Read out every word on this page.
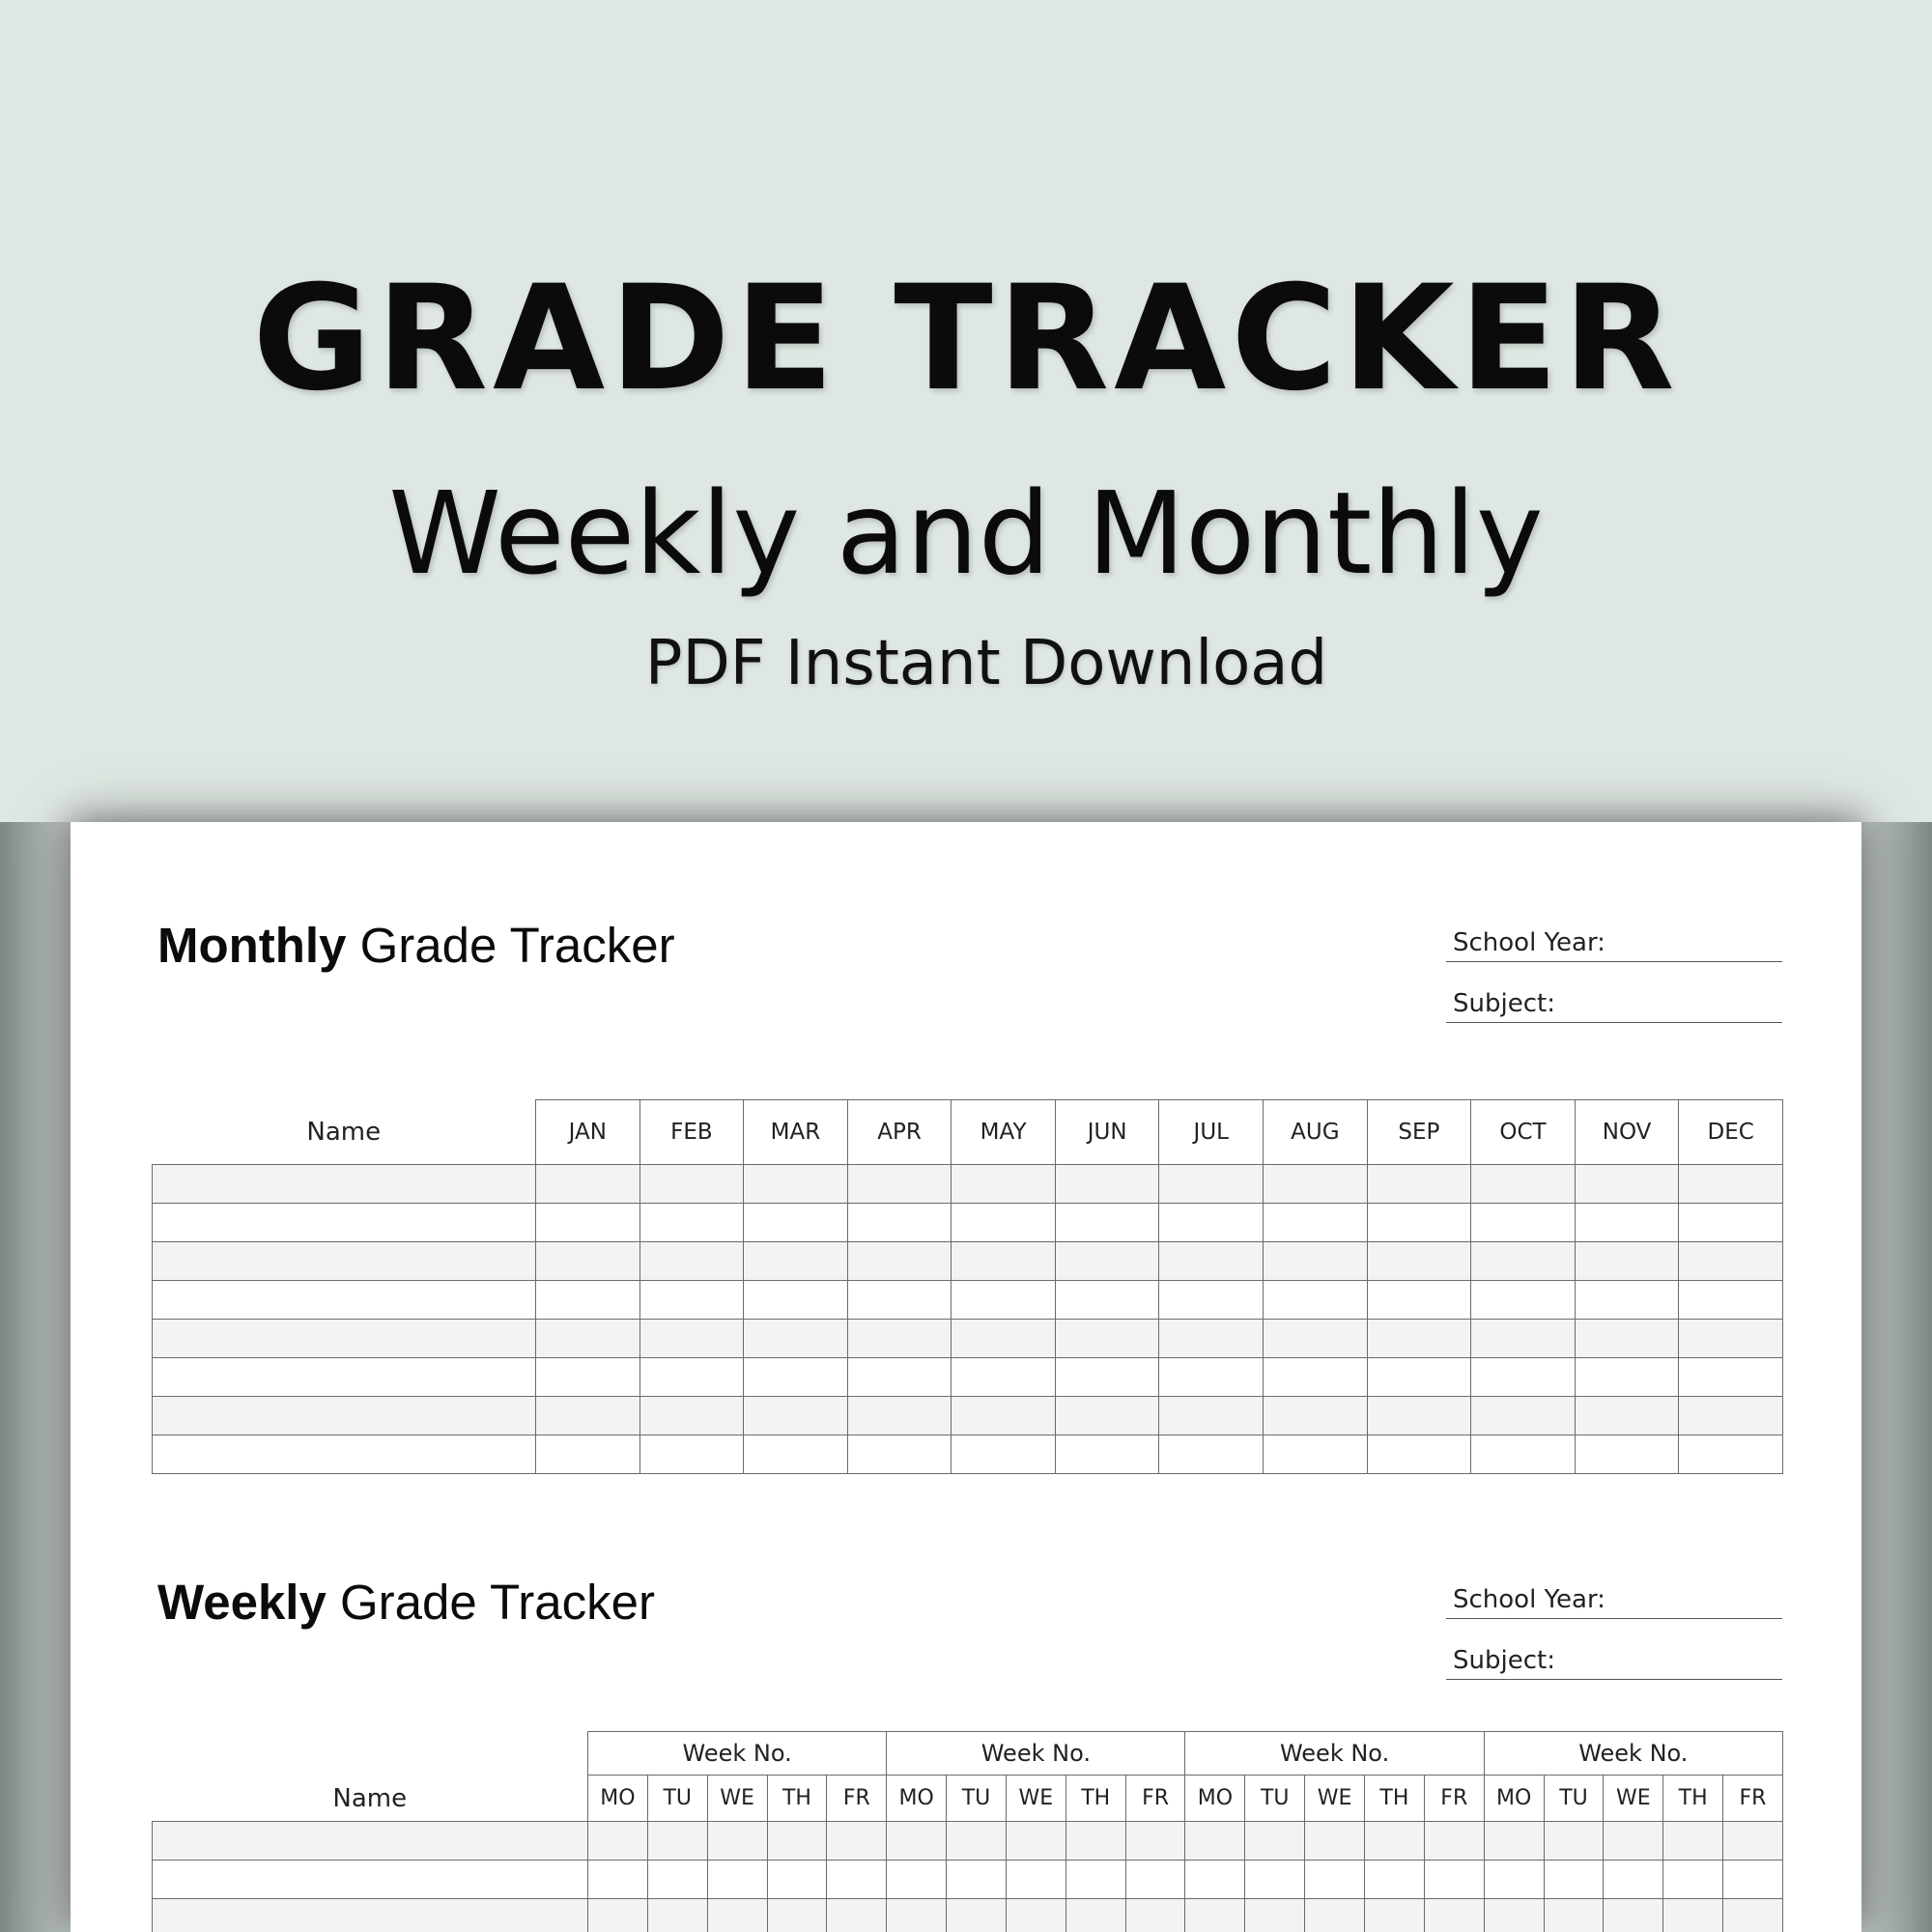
GRADE TRACKER
Weekly and Monthly
PDF Instant Download
Monthly Grade Tracker	School Year:
Subject:
Name	JAN	FEB	MAR	APR	MAY	JUN	JUL	AUG	SEP	OCT	NOV	DEC

Weekly Grade Tracker	School Year:
Subject:
Name	Week No.					Week No.					Week No.					Week No.				
	MO	TU	WE	TH	FR	MO	TU	WE	TH	FR	MO	TU	WE	TH	FR	MO	TU	WE	TH	FR
